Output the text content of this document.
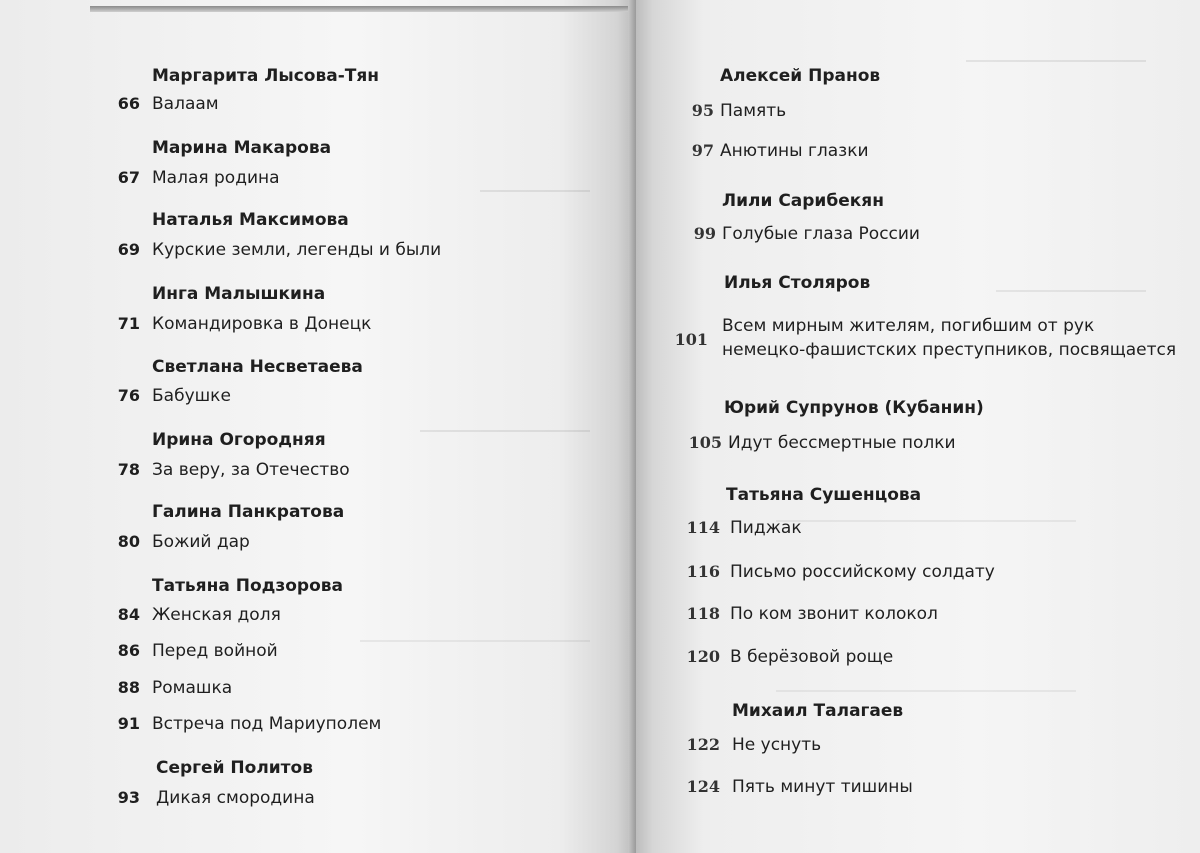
Маргарита Лысова-Тян
66 Валаам
Марина Макарова
67 Малая родина
Наталья Максимова
69 Курские земли, легенды и были
Инга Малышкина
71 Командировка в Донецк
Светлана Несветаева
76 Бабушке
Ирина Огородняя
78 За веру, за Отечество
Галина Панкратова
80 Божий дар
Татьяна Подзорова
84 Женская доля
86 Перед войной
88 Ромашка
91 Встреча под Мариуполем
Сергей Политов
93 Дикая смородина
Алексей Пранов
95 Память
97 Анютины глазки
Лили Сарибекян
99 Голубые глаза России
Илья Столяров
101
Всем мирным жителям, погибшим от рук
немецко-фашистских преступников, посвящается
Юрий Супрунов (Кубанин)
105 Идут бессмертные полки
Татьяна Сушенцова
114 Пиджак
116 Письмо российскому солдату
118 По ком звонит колокол
120 В берёзовой роще
Михаил Талагаев
122 Не уснуть
124 Пять минут тишины
